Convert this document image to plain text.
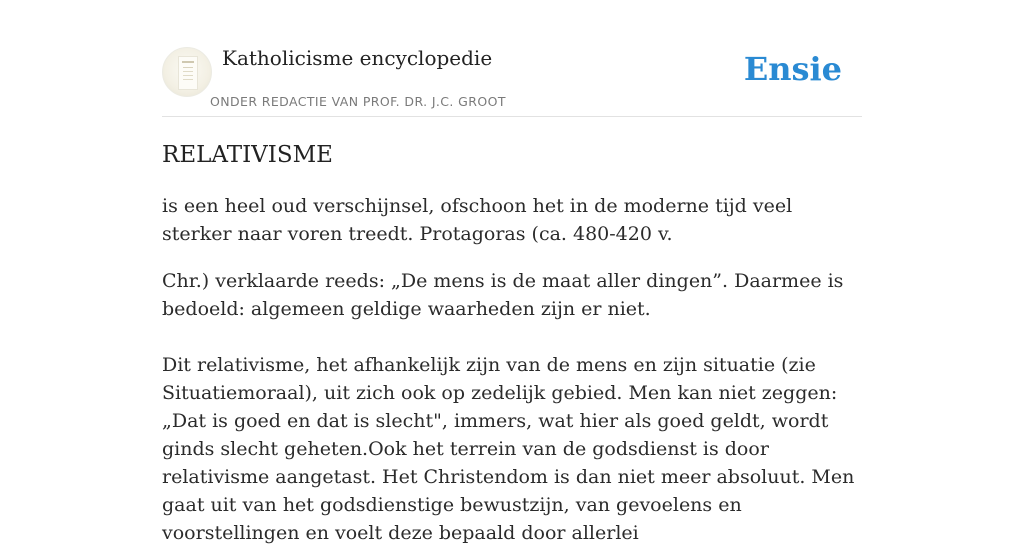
Katholicisme encyclopedie
ONDER REDACTIE VAN PROF. DR. J.C. GROOT
Ensie
RELATIVISME

is een heel oud verschijnsel, ofschoon het in de moderne tijd veel sterker naar voren treedt. Protagoras (ca. 480-420 v.

Chr.) verklaarde reeds: „De mens is de maat aller dingen”. Daarmee is bedoeld: algemeen geldige waarheden zijn er niet.

Dit relativisme, het afhankelijk zijn van de mens en zijn situatie (zie Situatiemoraal), uit zich ook op zedelijk gebied. Men kan niet zeggen: „Dat is goed en dat is slecht", immers, wat hier als goed geldt, wordt ginds slecht geheten.Ook het terrein van de godsdienst is door relativisme aangetast. Het Christendom is dan niet meer absoluut. Men gaat uit van het godsdienstige bewustzijn, van gevoelens en voorstellingen en voelt deze bepaald door allerlei
